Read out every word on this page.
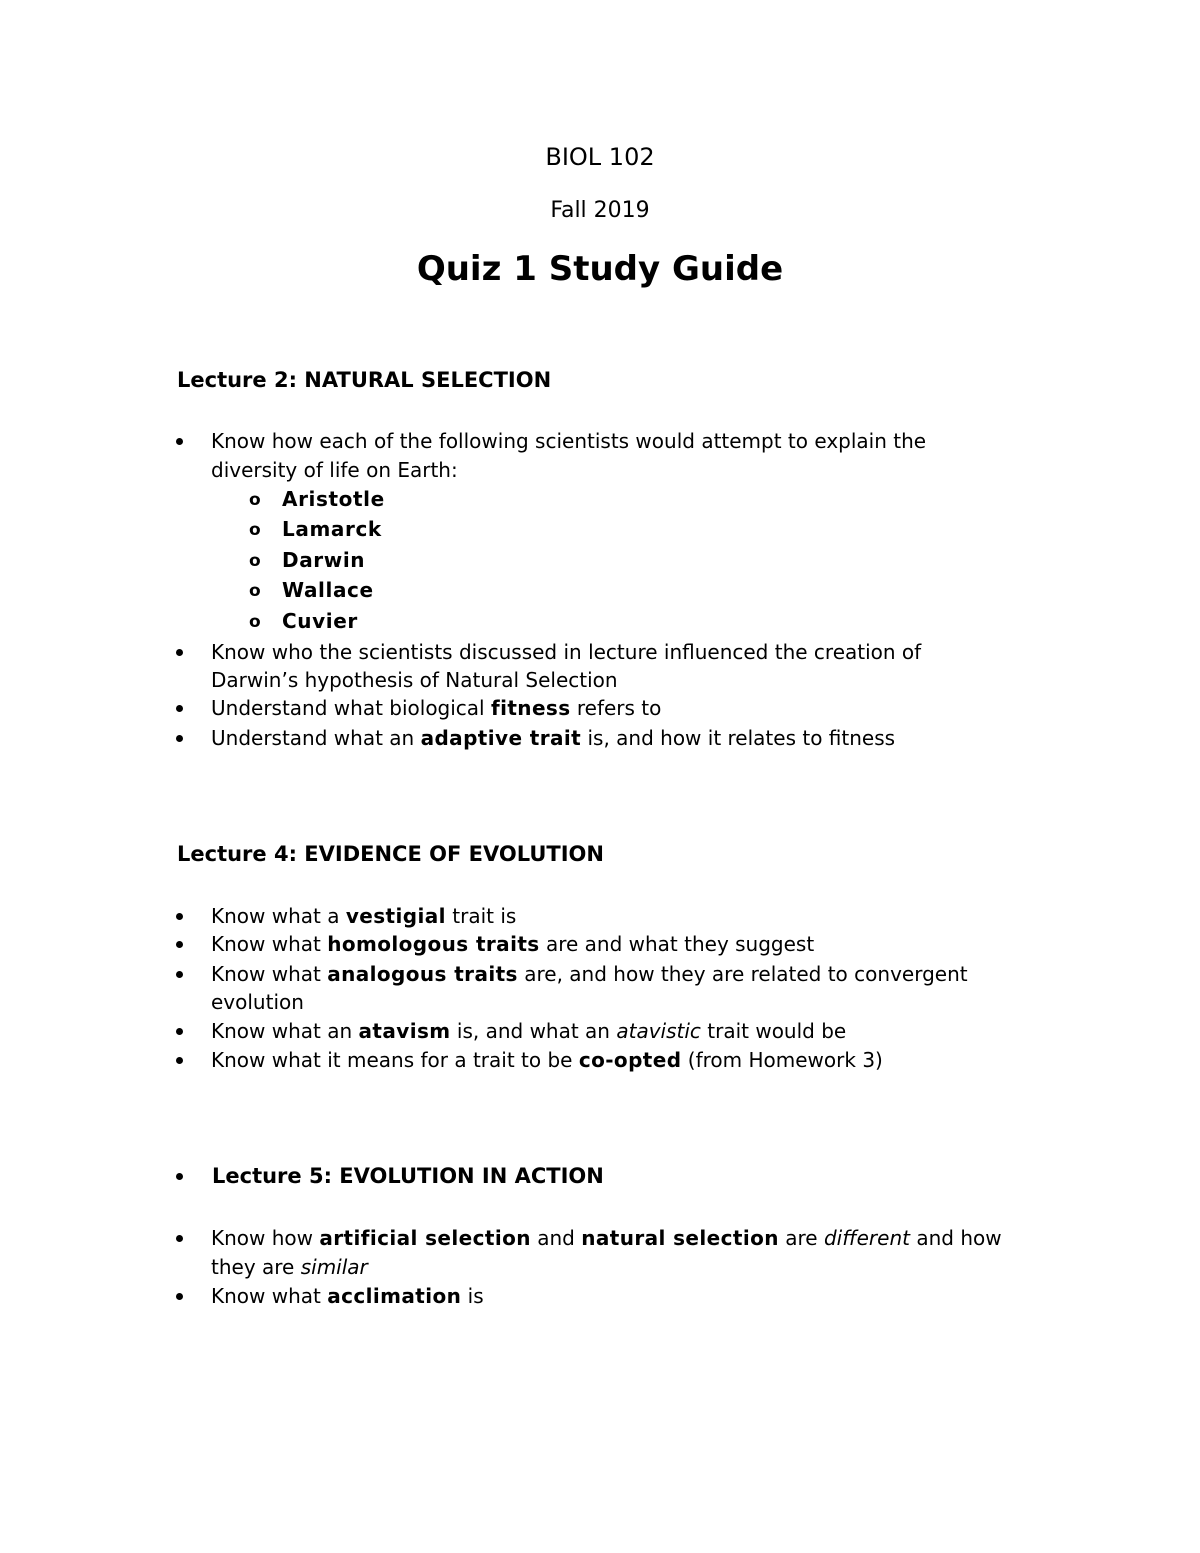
BIOL 102
Fall 2019
Quiz 1 Study Guide
Lecture 2: NATURAL SELECTION
Know how each of the following scientists would attempt to explain the
diversity of life on Earth:
o Aristotle
o Lamarck
o Darwin
o Wallace
o Cuvier
Know who the scientists discussed in lecture influenced the creation of
Darwin’s hypothesis of Natural Selection
Understand what biological fitness refers to
Understand what an adaptive trait is, and how it relates to fitness
Lecture 4: EVIDENCE OF EVOLUTION
Know what a vestigial trait is
Know what homologous traits are and what they suggest
Know what analogous traits are, and how they are related to convergent
evolution
Know what an atavism is, and what an atavistic trait would be
Know what it means for a trait to be co-opted (from Homework 3)
Lecture 5: EVOLUTION IN ACTION
Know how artificial selection and natural selection are different and how
they are similar
Know what acclimation is
